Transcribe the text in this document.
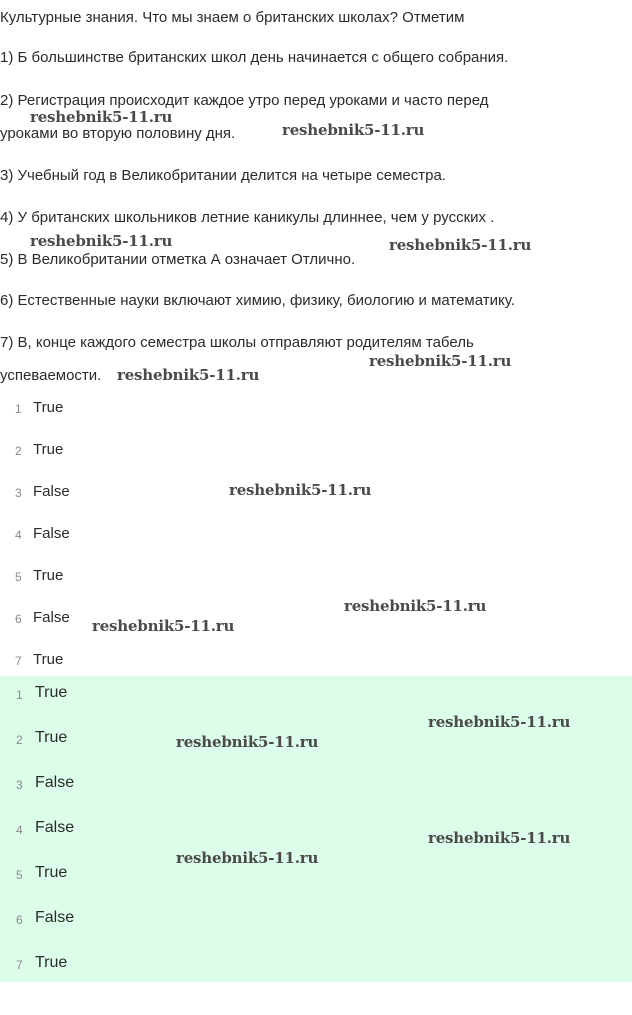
Культурные знания. Что мы знаем о британских школах? Отметим
1) Б большинстве британских школ день начинается с общего собрания.
2) Регистрация происходит каждое утро перед уроками и часто перед
уроками во вторую половину дня.
3) Учебный год в Великобритании делится на четыре семестра.
4) У британских школьников летние каникулы длиннее, чем у русских .
5) В Великобритании отметка А означает Отлично.
6) Естественные науки включают химию, физику, биологию и математику.
7) В, конце каждого семестра школы отправляют родителям табель
успеваемости.
1 True
2 True
3 False
4 False
5 True
6 False
7 True
1 True
2 True
3 False
4 False
5 True
6 False
7 True
reshebnik5-11.ru
reshebnik5-11.ru
reshebnik5-11.ru	reshebnik5-11.ru
reshebnik5-11.ru
reshebnik5-11.ru
reshebnik5-11.ru
reshebnik5-11.ru
reshebnik5-11.ru
reshebnik5-11.ru
reshebnik5-11.ru
reshebnik5-11.ru
reshebnik5-11.ru
